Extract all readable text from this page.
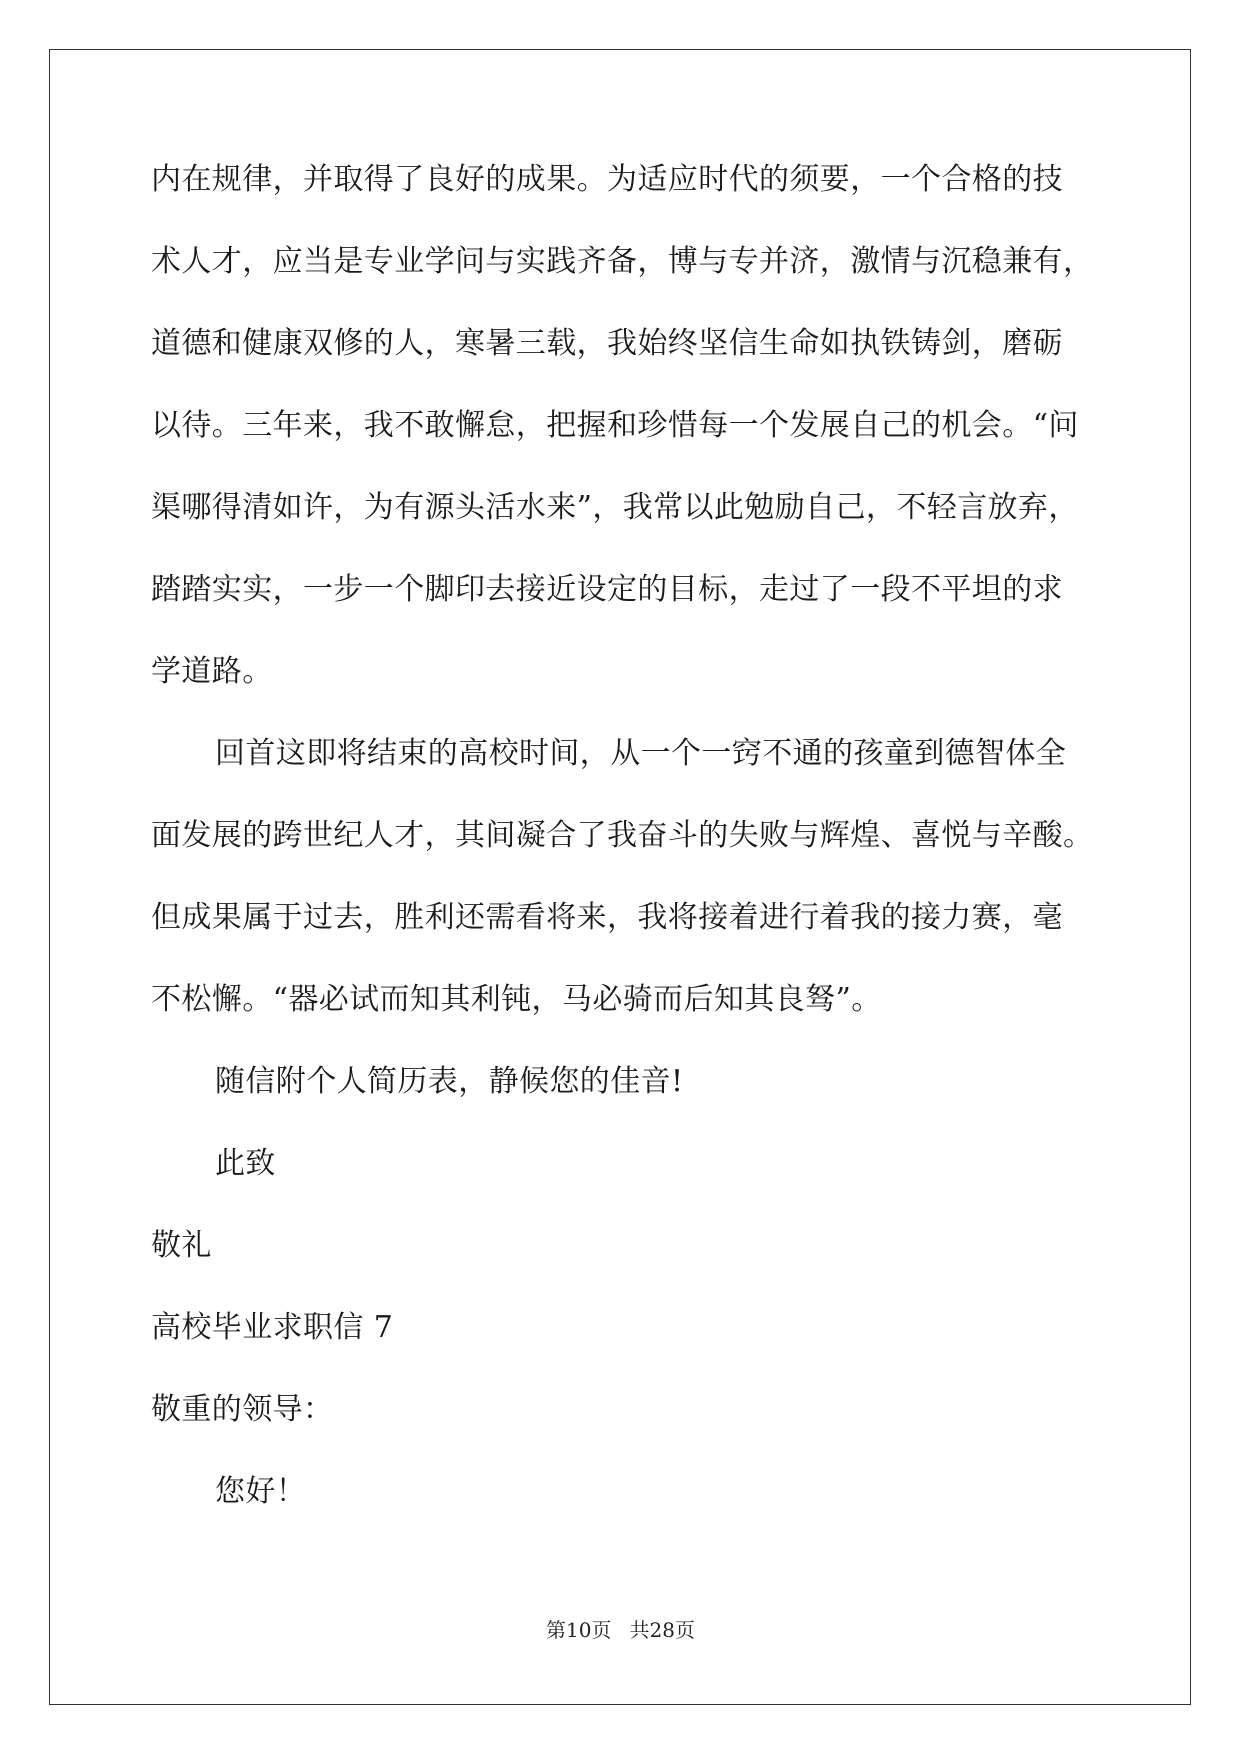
内在规律，并取得了良好的成果。为适应时代的须要，一个合格的技
术人才，应当是专业学问与实践齐备，博与专并济，激情与沉稳兼有，
道德和健康双修的人，寒暑三载，我始终坚信生命如执铁铸剑，磨砺
以待。三年来，我不敢懈怠，把握和珍惜每一个发展自己的机会。“问
渠哪得清如许，为有源头活水来”，我常以此勉励自己，不轻言放弃，
踏踏实实，一步一个脚印去接近设定的目标，走过了一段不平坦的求
学道路。
回首这即将结束的高校时间，从一个一窍不通的孩童到德智体全
面发展的跨世纪人才，其间凝合了我奋斗的失败与辉煌、喜悦与辛酸。
但成果属于过去，胜利还需看将来，我将接着进行着我的接力赛，毫
不松懈。“器必试而知其利钝，马必骑而后知其良驽”。
随信附个人简历表，静候您的佳音!
此致
敬礼
高校毕业求职信 7
敬重的领导：
您好！
第10页 共28页
